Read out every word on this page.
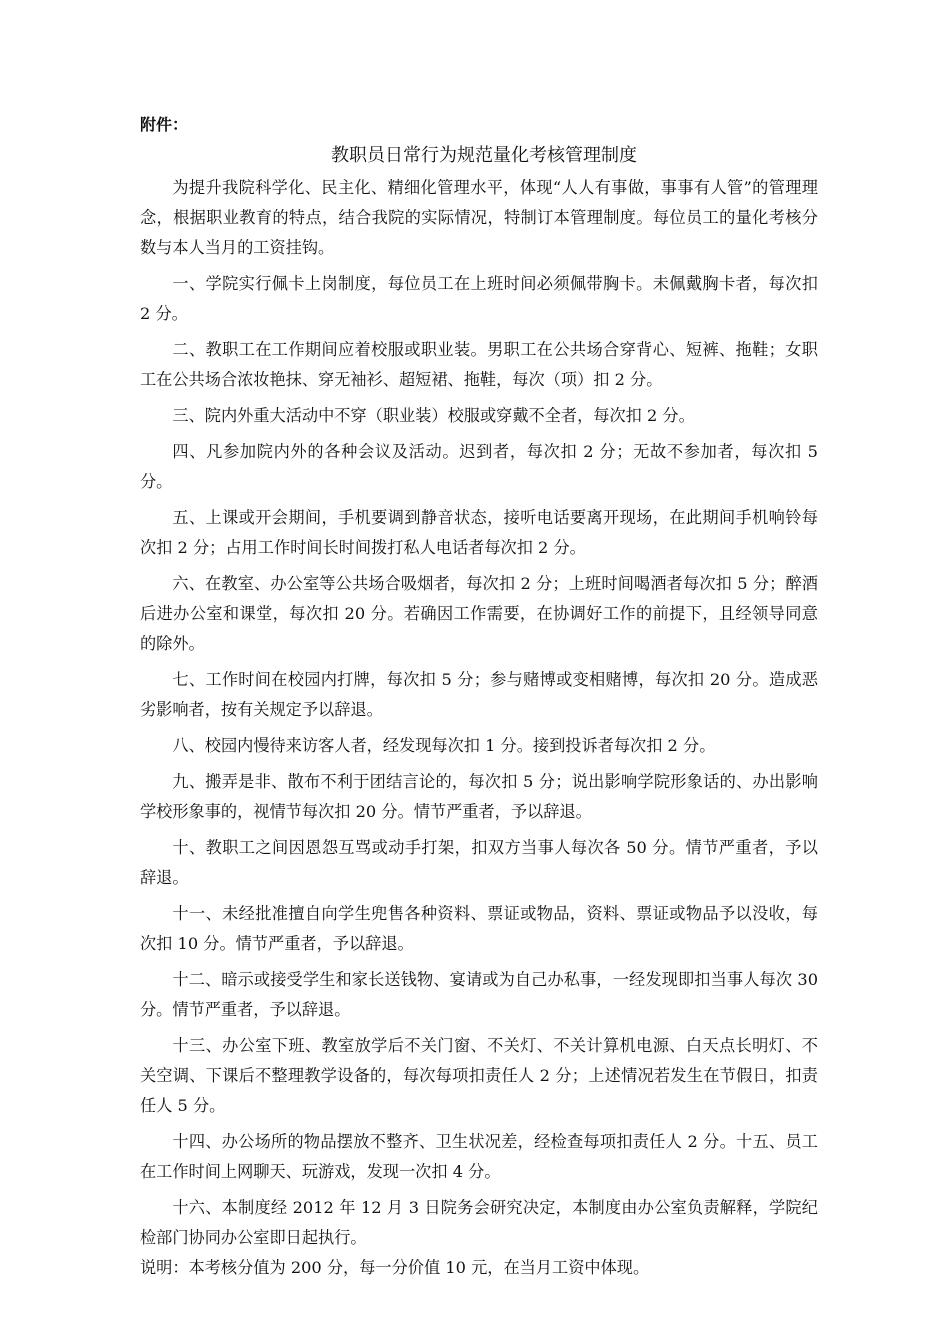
附件：

教职员日常行为规范量化考核管理制度

为提升我院科学化、民主化、精细化管理水平，体现“人人有事做，事事有人管”的管理理念，根据职业教育的特点，结合我院的实际情况，特制订本管理制度。每位员工的量化考核分数与本人当月的工资挂钩。

一、学院实行佩卡上岗制度，每位员工在上班时间必须佩带胸卡。未佩戴胸卡者，每次扣 2 分。

二、教职工在工作期间应着校服或职业装。男职工在公共场合穿背心、短裤、拖鞋；女职工在公共场合浓妆艳抹、穿无袖衫、超短裙、拖鞋，每次（项）扣 2 分。

三、院内外重大活动中不穿（职业装）校服或穿戴不全者，每次扣 2 分。

四、凡参加院内外的各种会议及活动。迟到者，每次扣 2 分；无故不参加者，每次扣 5 分。

五、上课或开会期间，手机要调到静音状态，接听电话要离开现场，在此期间手机响铃每次扣 2 分；占用工作时间长时间拨打私人电话者每次扣 2 分。

六、在教室、办公室等公共场合吸烟者，每次扣 2 分；上班时间喝酒者每次扣 5 分；醉酒后进办公室和课堂，每次扣 20 分。若确因工作需要，在协调好工作的前提下，且经领导同意的除外。

七、工作时间在校园内打牌，每次扣 5 分；参与赌博或变相赌博，每次扣 20 分。造成恶劣影响者，按有关规定予以辞退。

八、校园内慢待来访客人者，经发现每次扣 1 分。接到投诉者每次扣 2 分。

九、搬弄是非、散布不利于团结言论的，每次扣 5 分；说出影响学院形象话的、办出影响学校形象事的，视情节每次扣 20 分。情节严重者，予以辞退。

十、教职工之间因恩怨互骂或动手打架，扣双方当事人每次各 50 分。情节严重者，予以辞退。

十一、未经批准擅自向学生兜售各种资料、票证或物品，资料、票证或物品予以没收，每次扣 10 分。情节严重者，予以辞退。

十二、暗示或接受学生和家长送钱物、宴请或为自己办私事，一经发现即扣当事人每次 30 分。情节严重者，予以辞退。

十三、办公室下班、教室放学后不关门窗、不关灯、不关计算机电源、白天点长明灯、不关空调、下课后不整理教学设备的，每次每项扣责任人 2 分；上述情况若发生在节假日，扣责任人 5 分。

十四、办公场所的物品摆放不整齐、卫生状况差，经检查每项扣责任人 2 分。十五、员工在工作时间上网聊天、玩游戏，发现一次扣 4 分。

十六、本制度经 2012 年 12 月 3 日院务会研究决定，本制度由办公室负责解释，学院纪检部门协同办公室即日起执行。

说明：本考核分值为 200 分，每一分价值 10 元，在当月工资中体现。
